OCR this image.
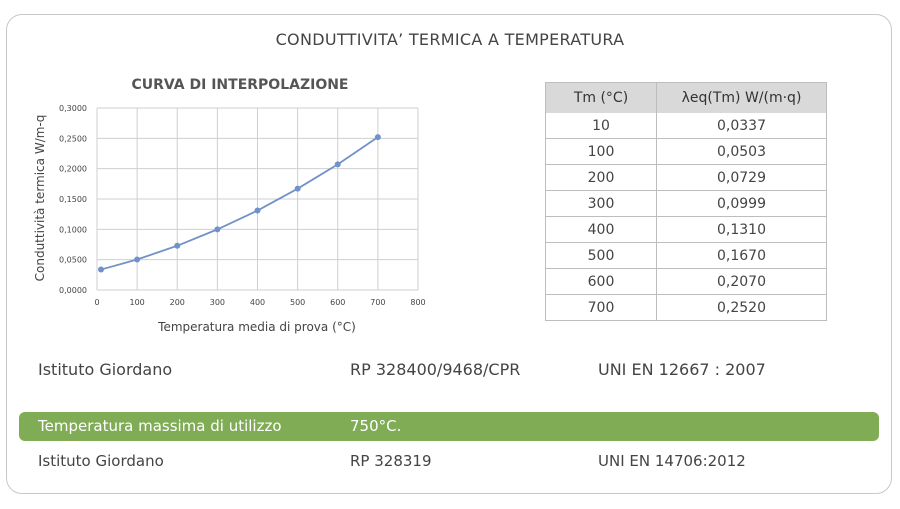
CONDUTTIVITA’ TERMICA A TEMPERATURA
CURVA DI INTERPOLAZIONE
0	100	200	300	400	500	600	700	800
0,0000
0,0500
0,1000
0,1500
0,2000
0,2500
0,3000
Temperatura media di prova (°C)
Conduttività termica W/m-q
Tm (°C)	λeq(Tm) W/(m·q)
10	0,0337
100	0,0503
200	0,0729
300	0,0999
400	0,1310
500	0,1670
600	0,2070
700	0,2520
Istituto Giordano	RP 328400/9468/CPR	UNI EN 12667 : 2007
Temperatura massima di utilizzo	750°C.
Istituto Giordano	RP 328319	UNI EN 14706:2012
